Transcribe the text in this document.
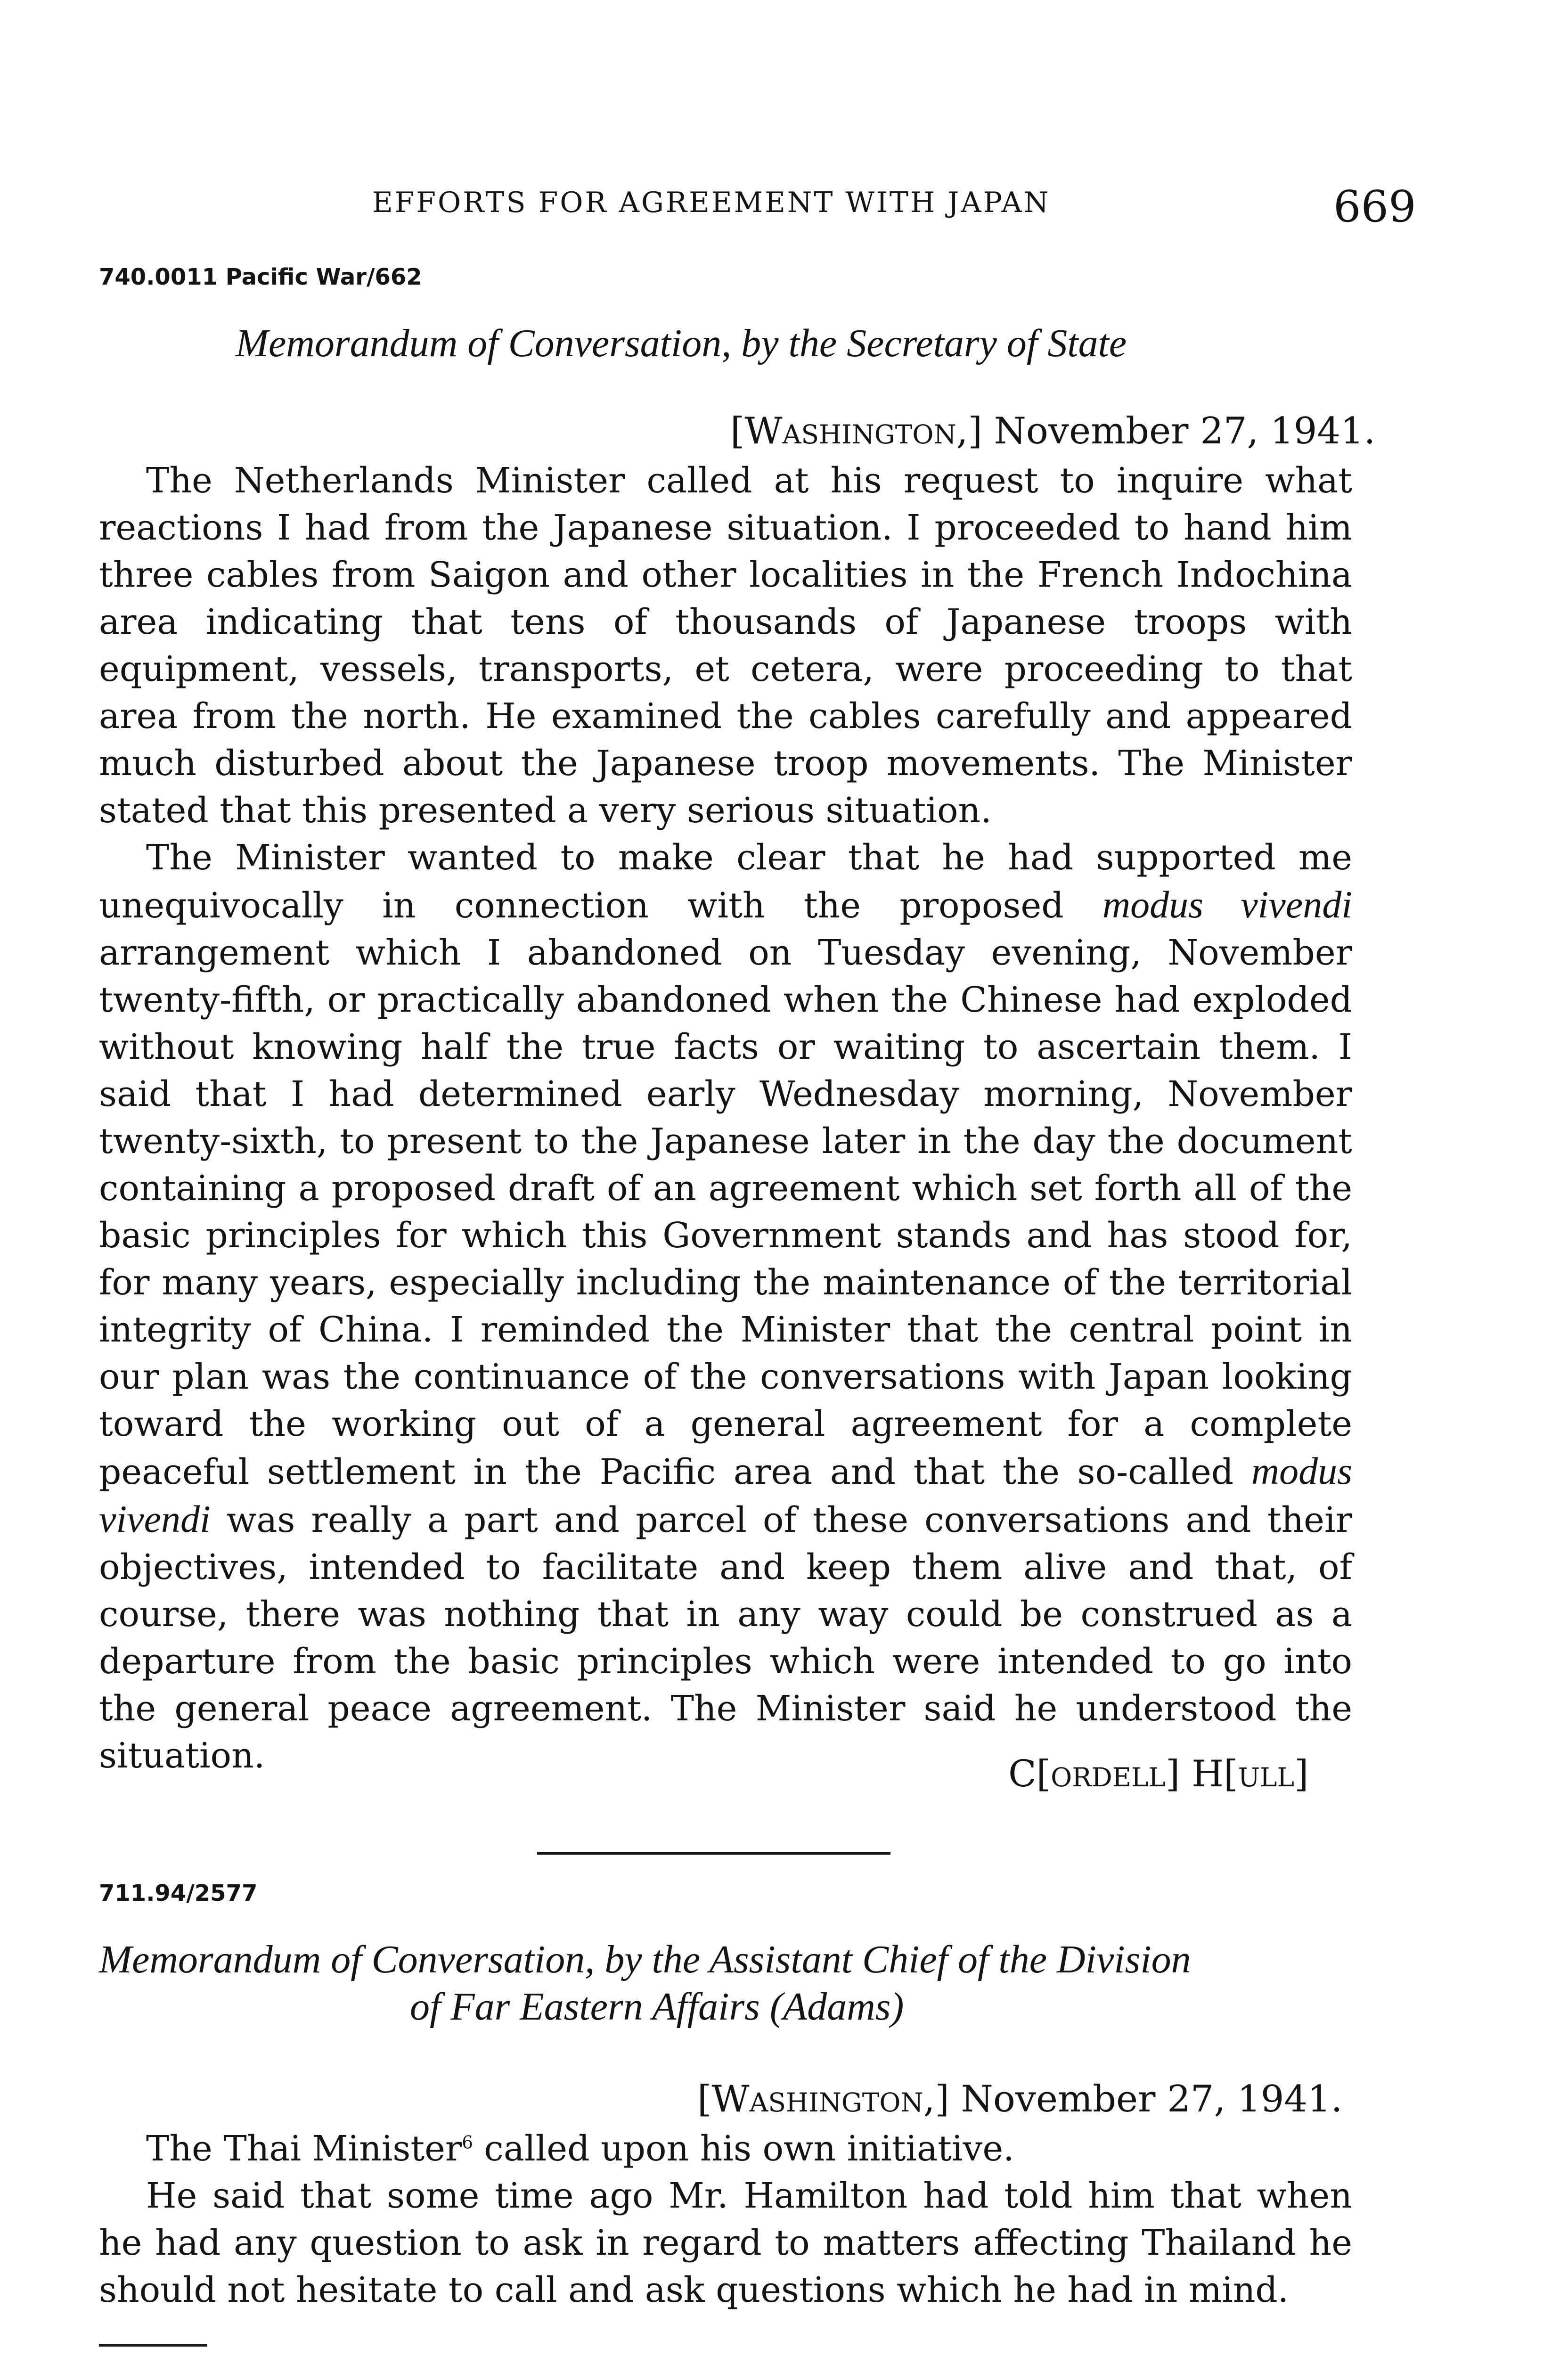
EFFORTS FOR AGREEMENT WITH JAPAN	669
740.0011 Pacific War/662
Memorandum of Conversation, by the Secretary of State
[Washington,] November 27, 1941.

The Netherlands Minister called at his request to inquire what reactions I had from the Japanese situation. I proceeded to hand him three cables from Saigon and other localities in the French Indochina area indicating that tens of thousands of Japanese troops with equipment, vessels, transports, et cetera, were proceeding to that area from the north. He examined the cables carefully and appeared much disturbed about the Japanese troop movements. The Minister stated that this presented a very serious situation.

The Minister wanted to make clear that he had supported me unequivocally in connection with the proposed modus vivendi arrangement which I abandoned on Tuesday evening, November twenty-fifth, or practically abandoned when the Chinese had exploded without knowing half the true facts or waiting to ascertain them. I said that I had determined early Wednesday morning, November twenty-sixth, to present to the Japanese later in the day the document containing a proposed draft of an agreement which set forth all of the basic principles for which this Government stands and has stood for, for many years, especially including the maintenance of the territorial integrity of China. I reminded the Minister that the central point in our plan was the continuance of the conversations with Japan looking toward the working out of a general agreement for a complete peaceful settlement in the Pacific area and that the so-called modus vivendi was really a part and parcel of these conversations and their objectives, intended to facilitate and keep them alive and that, of course, there was nothing that in any way could be construed as a departure from the basic principles which were intended to go into the general peace agreement. The Minister said he understood the situation.	C[ordell] H[ull]
711.94/2577
Memorandum of Conversation, by the Assistant Chief of the Division
of Far Eastern Affairs (Adams)
[Washington,] November 27, 1941.

The Thai Minister$^6$ called upon his own initiative.

He said that some time ago Mr. Hamilton had told him that when he had any question to ask in regard to matters affecting Thailand he should not hesitate to call and ask questions which he had in mind.
